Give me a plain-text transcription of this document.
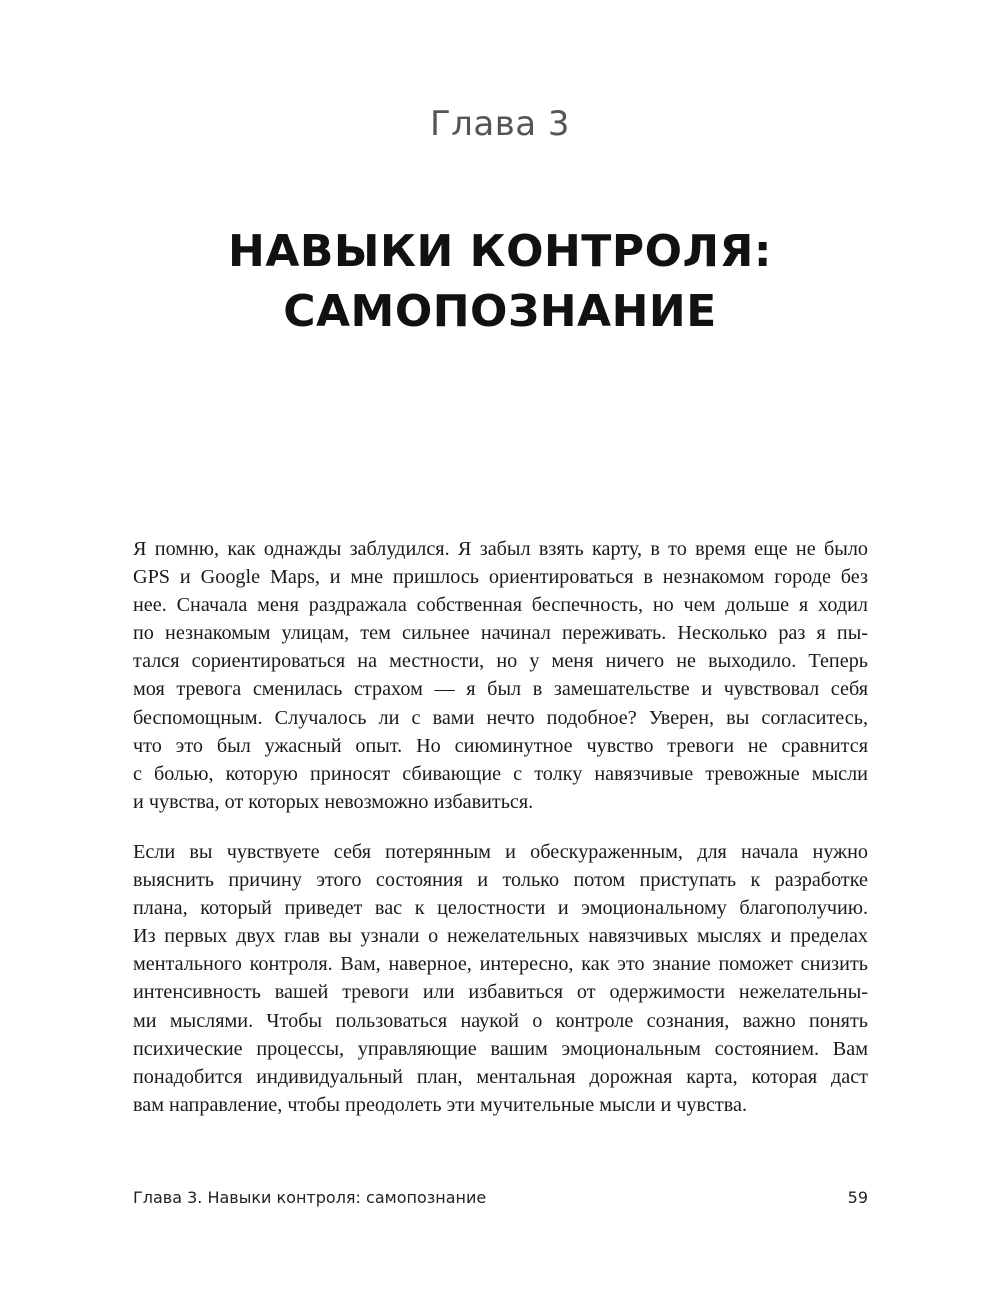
Глава 3
НАВЫКИ КОНТРОЛЯ:
САМОПОЗНАНИЕ

Я помню, как однажды заблудился. Я забыл взять карту, в то время еще не было
GPS и Google Maps, и мне пришлось ориентироваться в незнакомом городе без
нее. Сначала меня раздражала собственная беспечность, но чем дольше я ходил
по незнакомым улицам, тем сильнее начинал переживать. Несколько раз я пы-
тался сориентироваться на местности, но у меня ничего не выходило. Теперь
моя тревога сменилась страхом — я был в замешательстве и чувствовал себя
беспомощным. Случалось ли с вами нечто подобное? Уверен, вы согласитесь,
что это был ужасный опыт. Но сиюминутное чувство тревоги не сравнится
с болью, которую приносят сбивающие с толку навязчивые тревожные мысли
и чувства, от которых невозможно избавиться.

Если вы чувствуете себя потерянным и обескураженным, для начала нужно
выяснить причину этого состояния и только потом приступать к разработке
плана, который приведет вас к целостности и эмоциональному благополучию.
Из первых двух глав вы узнали о нежелательных навязчивых мыслях и пределах
ментального контроля. Вам, наверное, интересно, как это знание поможет снизить
интенсивность вашей тревоги или избавиться от одержимости нежелательны-
ми мыслями. Чтобы пользоваться наукой о контроле сознания, важно понять
психические процессы, управляющие вашим эмоциональным состоянием. Вам
понадобится индивидуальный план, ментальная дорожная карта, которая даст
вам направление, чтобы преодолеть эти мучительные мысли и чувства.

Глава 3. Навыки контроля: самопознание	59
